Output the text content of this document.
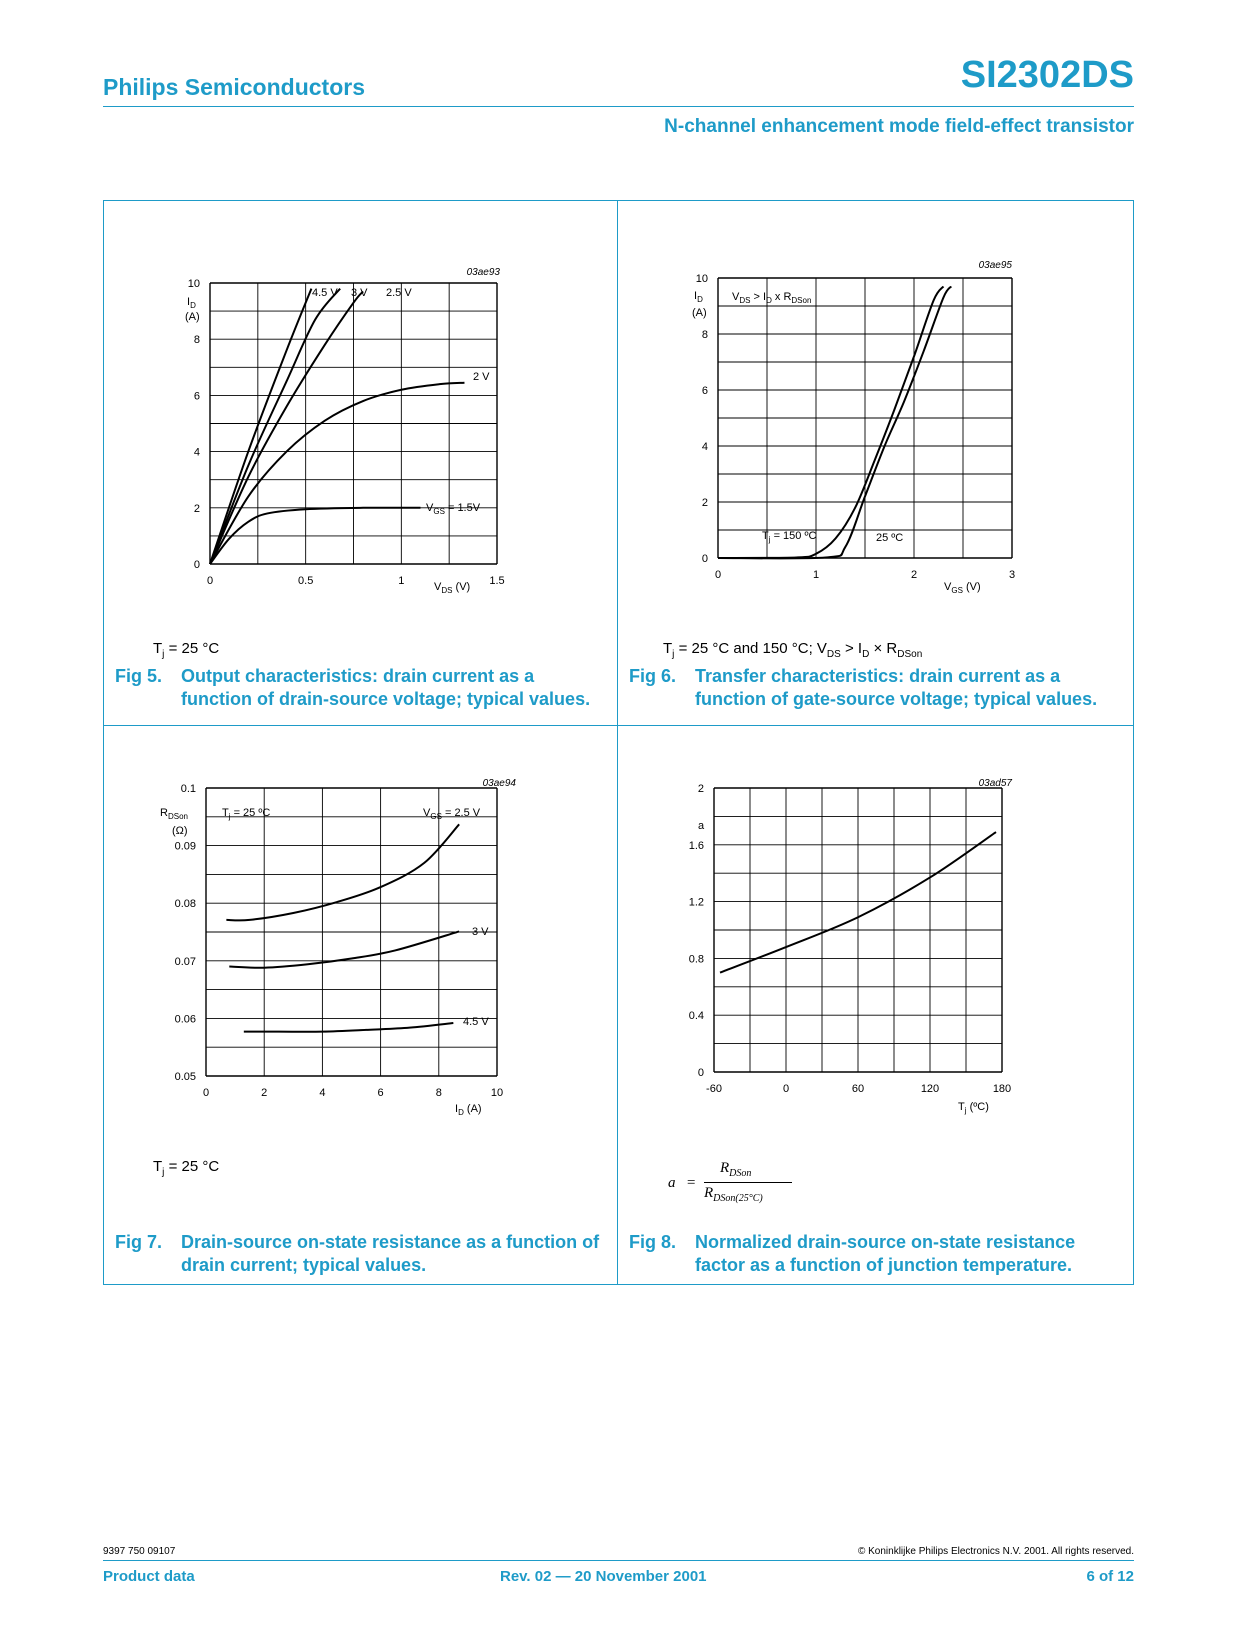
Philips Semiconductors	SI2302DS
N-channel enhancement mode field-effect transistor
03ae93
$I_D$
(A)
$V_{DS}$ (V)
4.5 V 3 V 2.5 V
2 V
$V_{GS} = 1.5V$
0	0.5	1	1.5
0
2
4
6
8
10
03ae95
$I_D$
(A)
$V_{GS}$ (V)
$V_{DS} > I_D$ x $R_{DSon}$
$T_j = 150$ ºC	25 ºC
0	1	2	3
0
2
4
6
8
10
03ae94
$R_{DSon}$
(Ω)
$I_D$ (A)
T = 25 ºC	$V_{GS} = 2.5$ V
3 V
4.5 V
0	2	4	6	8	10
0.05
0.06
0.07
0.08
0.09
0.1	03ad57
a
$T_j$ (ºC)
-60	0	60	120	180
0
0.4
0.8
1.2
1.6
2
$T_j = 25$ °C	$T_j = 25$ °C and 150 °C; $V_{DS} > I_D \times R_{DSon}$
$T_j = 25$ °C
a =
$R_{DSon}$
$R_{DSon(25^\circ C)}$
Fig 5. Output characteristics: drain current as a function of drain-source voltage; typical values.
Fig 6. Transfer characteristics: drain current as a function of gate-source voltage; typical values.
Fig 7. Drain-source on-state resistance as a function of drain current; typical values.
Fig 8. Normalized drain-source on-state resistance factor as a function of junction temperature.
9397 750 09107	© Koninklijke Philips Electronics N.V. 2001. All rights reserved.
Product data	Rev. 02 — 20 November 2001	6 of 12
